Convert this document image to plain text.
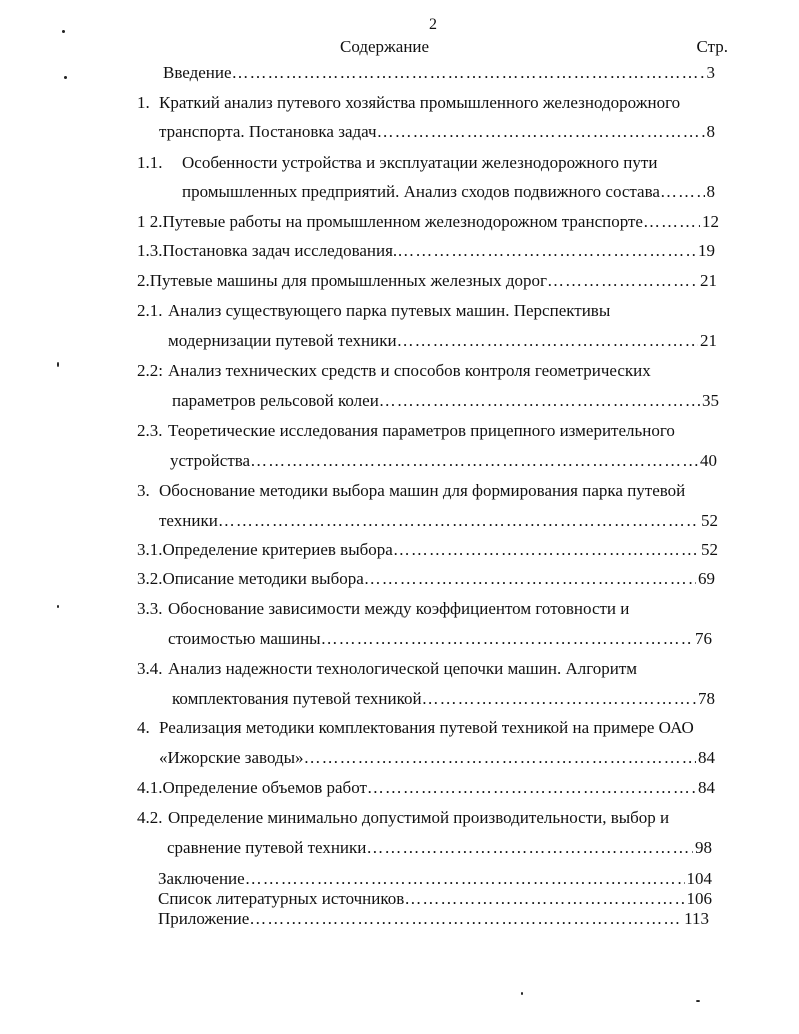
2
Содержание	Стр.
Введение …………………………………………………………………………………………………………………………………………………………………………………	3
1. Краткий анализ путевого хозяйства промышленного железнодорожного
транспорта. Постановка задач …………………………………………………………………………………………………………………………………………………………………………………	8
1.1.	Особенности устройства и эксплуатации железнодорожного пути
промышленных предприятий. Анализ сходов подвижного состава …………………………………………………………………………………………………………………………………………………………………………………	8
1 2. Путевые работы на промышленном железнодорожном транспорте …………………………………………………………………………………………………………………………………………………………………………………	12
1.3. Постановка задач исследования. …………………………………………………………………………………………………………………………………………………………………………………	19
2. Путевые машины для промышленных железных дорог …………………………………………………………………………………………………………………………………………………………………………………	21
2.1. Анализ существующего парка путевых машин. Перспективы
модернизации путевой техники …………………………………………………………………………………………………………………………………………………………………………………	21
2.2: Анализ технических средств и способов контроля геометрических
параметров рельсовой колеи …………………………………………………………………………………………………………………………………………………………………………………	35
2.3. Теоретические исследования параметров прицепного измерительного
устройства …………………………………………………………………………………………………………………………………………………………………………………	40
3. Обоснование методики выбора машин для формирования парка путевой
техники …………………………………………………………………………………………………………………………………………………………………………………	52
3.1. Определение критериев выбора …………………………………………………………………………………………………………………………………………………………………………………	52
3.2. Описание методики выбора …………………………………………………………………………………………………………………………………………………………………………………	69
3.3. Обоснование зависимости между коэффициентом готовности и
стоимостью машины …………………………………………………………………………………………………………………………………………………………………………………	76
3.4. Анализ надежности технологической цепочки машин. Алгоритм
комплектования путевой техникой …………………………………………………………………………………………………………………………………………………………………………………	78
4. Реализация методики комплектования путевой техникой на примере ОАО
«Ижорские заводы» …………………………………………………………………………………………………………………………………………………………………………………	84
4.1. Определение объемов работ …………………………………………………………………………………………………………………………………………………………………………………	84
4.2. Определение минимально допустимой производительности, выбор и
сравнение путевой техники …………………………………………………………………………………………………………………………………………………………………………………	98
Заключение …………………………………………………………………………………………………………………………………………………………………………………	104
Список литературных источников …………………………………………………………………………………………………………………………………………………………………………………	106
Приложение …………………………………………………………………………………………………………………………………………………………………………………	113
